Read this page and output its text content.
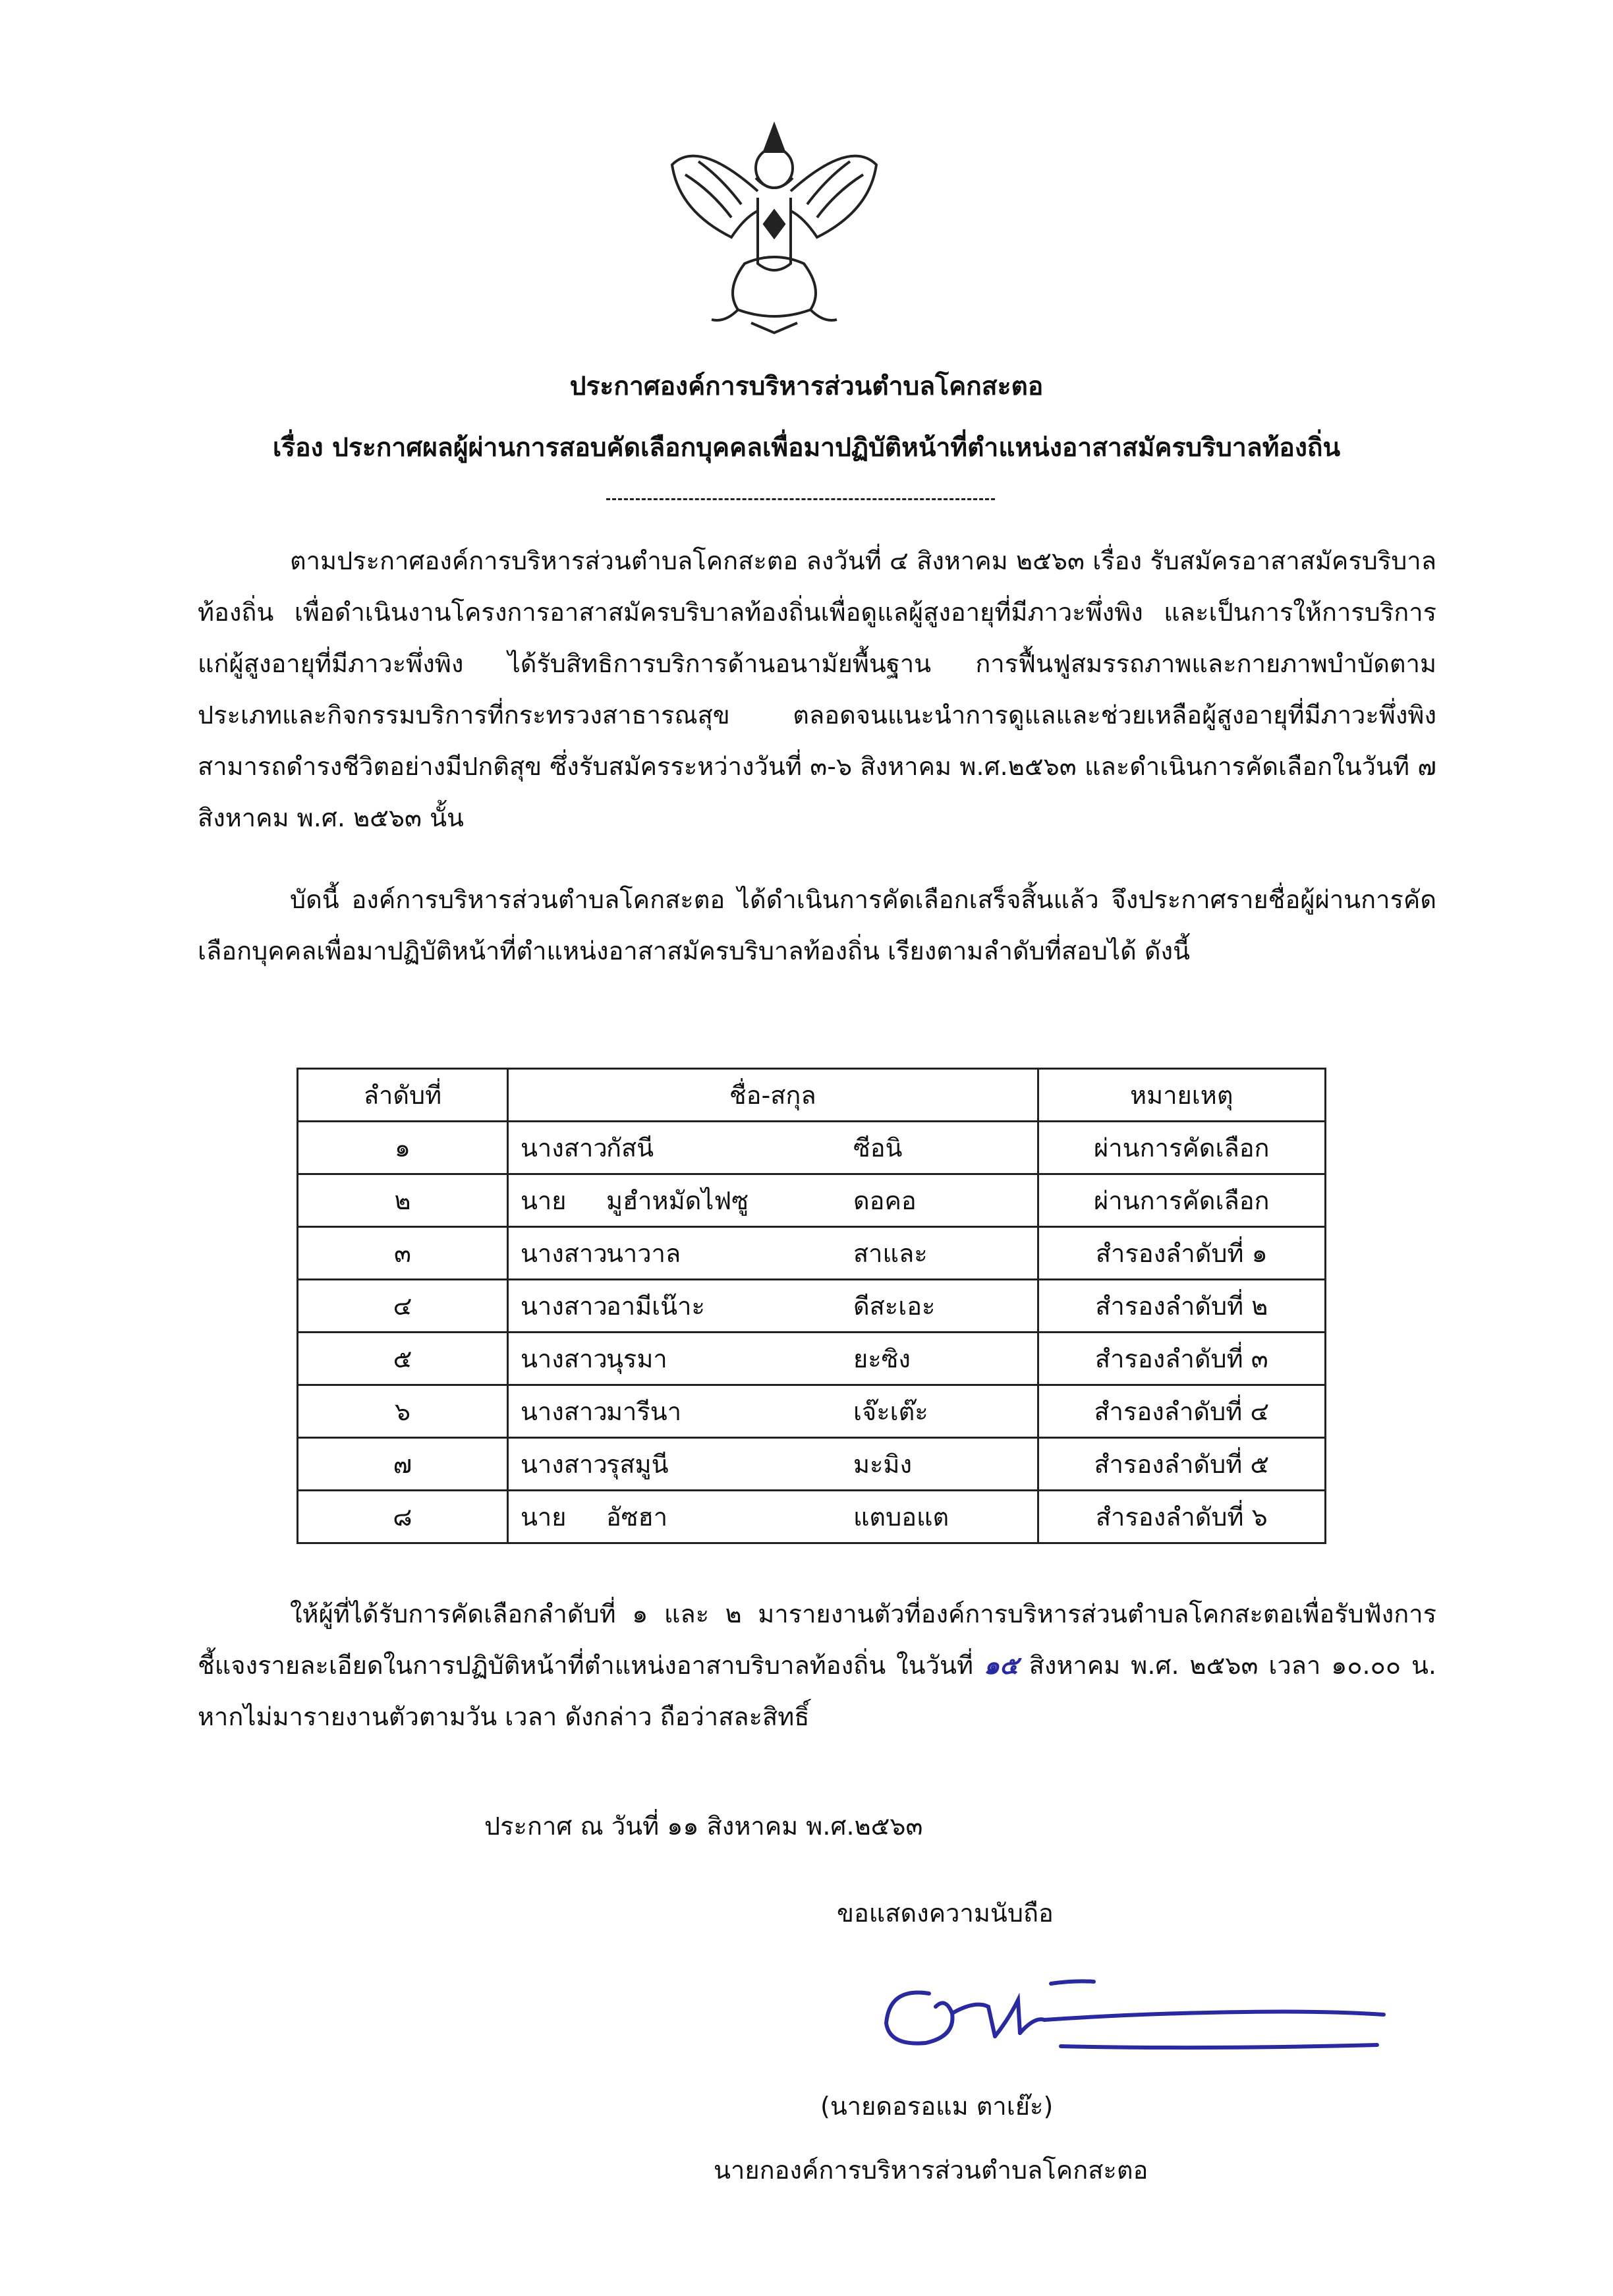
ประกาศองค์การบริหารส่วนตำบลโคกสะตอ
เรื่อง ประกาศผลผู้ผ่านการสอบคัดเลือกบุคคลเพื่อมาปฏิบัติหน้าที่ตำแหน่งอาสาสมัครบริบาลท้องถิ่น
ตามประกาศองค์การบริหารส่วนตำบลโคกสะตอ ลงวันที่ ๔ สิงหาคม ๒๕๖๓ เรื่อง รับสมัครอาสาสมัครบริบาลท้องถิ่น เพื่อดำเนินงานโครงการอาสาสมัครบริบาลท้องถิ่นเพื่อดูแลผู้สูงอายุที่มีภาวะพึ่งพิง และเป็นการให้การบริการแก่ผู้สูงอายุที่มีภาวะพึ่งพิง ได้รับสิทธิการบริการด้านอนามัยพื้นฐาน การฟื้นฟูสมรรถภาพและกายภาพบำบัดตามประเภทและกิจกรรมบริการที่กระทรวงสาธารณสุข ตลอดจนแนะนำการดูแลและช่วยเหลือผู้สูงอายุที่มีภาวะพึ่งพิงสามารถดำรงชีวิตอย่างมีปกติสุข ซึ่งรับสมัครระหว่างวันที่ ๓-๖ สิงหาคม พ.ศ.๒๕๖๓ และดำเนินการคัดเลือกในวันที ๗ สิงหาคม พ.ศ. ๒๕๖๓ นั้น
บัดนี้ องค์การบริหารส่วนตำบลโคกสะตอ ได้ดำเนินการคัดเลือกเสร็จสิ้นแล้ว จึงประกาศรายชื่อผู้ผ่านการคัดเลือกบุคคลเพื่อมาปฏิบัติหน้าที่ตำแหน่งอาสาสมัครบริบาลท้องถิ่น เรียงตามลำดับที่สอบได้ ดังนี้
ลำดับที่	ชื่อ-สกุล	หมายเหตุ
๑	นางสาวกัสนี ซีอนิ	ผ่านการคัดเลือก
๒	นาย มูฮำหมัดไฟซู ดอคอ	ผ่านการคัดเลือก
๓	นางสาวนาวาล สาและ	สำรองลำดับที่ ๑
๔	นางสาวอามีเน๊าะ ดีสะเอะ	สำรองลำดับที่ ๒
๕	นางสาวนุรมา ยะซิง	สำรองลำดับที่ ๓
๖	นางสาวมารีนา เจ๊ะเต๊ะ	สำรองลำดับที่ ๔
๗	นางสาวรุสมูนี มะมิง	สำรองลำดับที่ ๕
๘	นาย อัซฮา แตบอแต	สำรองลำดับที่ ๖
ให้ผู้ที่ได้รับการคัดเลือกลำดับที่ ๑ และ ๒ มารายงานตัวที่องค์การบริหารส่วนตำบลโคกสะตอเพื่อรับฟังการชี้แจงรายละเอียดในการปฏิบัติหน้าที่ตำแหน่งอาสาบริบาลท้องถิ่น ในวันที่ ๑๕ สิงหาคม พ.ศ. ๒๕๖๓ เวลา ๑๐.๐๐ น. หากไม่มารายงานตัวตามวัน เวลา ดังกล่าว ถือว่าสละสิทธิ์
ประกาศ ณ วันที่ ๑๑ สิงหาคม พ.ศ.๒๕๖๓
ขอแสดงความนับถือ
(นายดอรอแม ตาเย๊ะ)
นายกองค์การบริหารส่วนตำบลโคกสะตอ
